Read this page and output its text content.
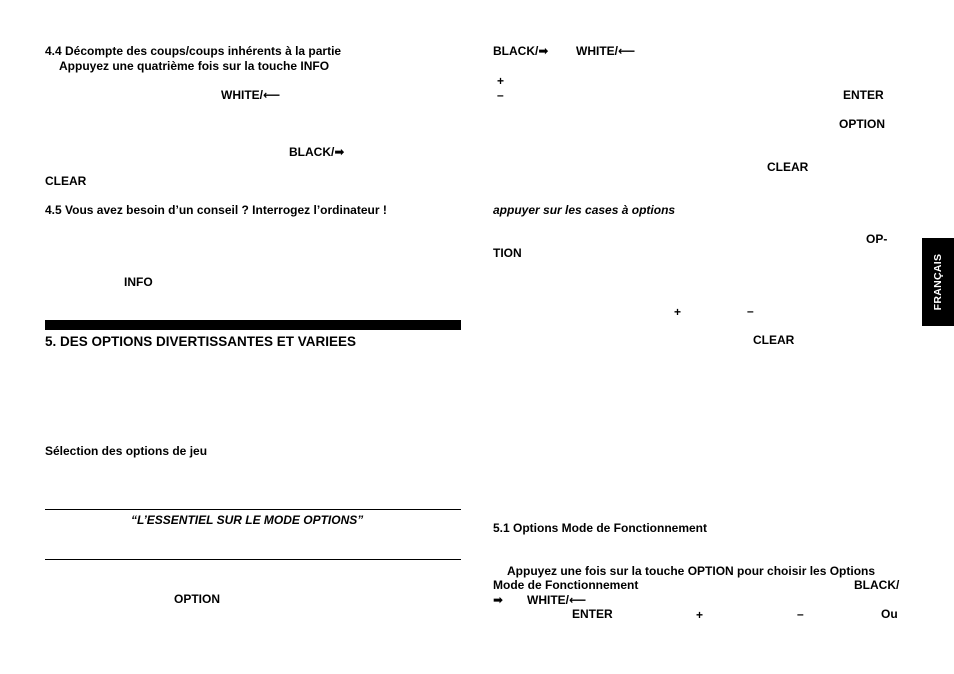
4.4 Décompte des coups/coups inhérents à la partie
Appuyez une quatrième fois sur la touche INFO
WHITE/⟵
BLACK/➡
CLEAR
4.5 Vous avez besoin d’un conseil ? Interrogez l’ordinateur !
INFO
5. DES OPTIONS DIVERTISSANTES ET VARIEES
Sélection des options de jeu
“L’ESSENTIEL SUR LE MODE OPTIONS”
OPTION
BLACK/➡ WHITE/⟵
+
–	ENTER
OPTION
CLEAR
appuyer sur les cases à options
OP-
TION
+	–
CLEAR
5.1 Options Mode de Fonctionnement
Appuyez une fois sur la touche OPTION pour choisir les Options
Mode de Fonctionnement	BLACK/
➡ WHITE/⟵
ENTER	+	–	Ou
FRANÇAIS
